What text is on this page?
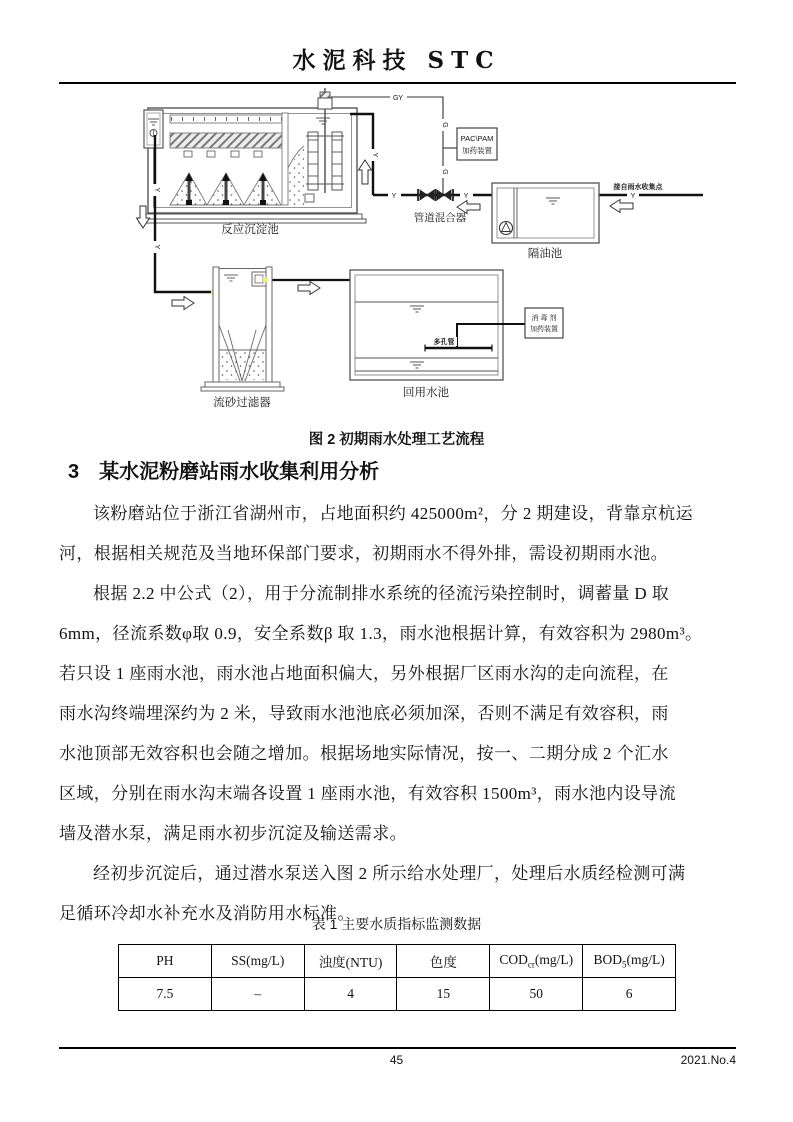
水泥科技 STC
反应沉淀池
GY
G
G
Y
Y	Y	Y
Y
Y
管道混合器
PAC\PAM
加药装置
隔油池
接自雨水收集点
流砂过滤器
多孔管
消 毒 剂
加药装置
回用水池
图 2 初期雨水处理工艺流程
3 某水泥粉磨站雨水收集利用分析
该粉磨站位于浙江省湖州市，占地面积约 425000m²，分 2 期建设，背靠京杭运
河，根据相关规范及当地环保部门要求，初期雨水不得外排，需设初期雨水池。
根据 2.2 中公式（2），用于分流制排水系统的径流污染控制时，调蓄量 D 取
6mm，径流系数φ取 0.9，安全系数β 取 1.3，雨水池根据计算，有效容积为 2980m³。
若只设 1 座雨水池，雨水池占地面积偏大，另外根据厂区雨水沟的走向流程，在
雨水沟终端埋深约为 2 米，导致雨水池池底必须加深，否则不满足有效容积，雨
水池顶部无效容积也会随之增加。根据场地实际情况，按一、二期分成 2 个汇水
区域，分别在雨水沟末端各设置 1 座雨水池，有效容积 1500m³，雨水池内设导流
墙及潜水泵，满足雨水初步沉淀及输送需求。
经初步沉淀后，通过潜水泵送入图 2 所示给水处理厂，处理后水质经检测可满
足循环冷却水补充水及消防用水标准。
表 1 主要水质指标监测数据
PH	SS(mg/L)	浊度(NTU)	色度	$COD_{cr}(mg/L)$	$BOD_5(mg/L)$
7.5	–	4	15	50	6
45	2021.No.4
